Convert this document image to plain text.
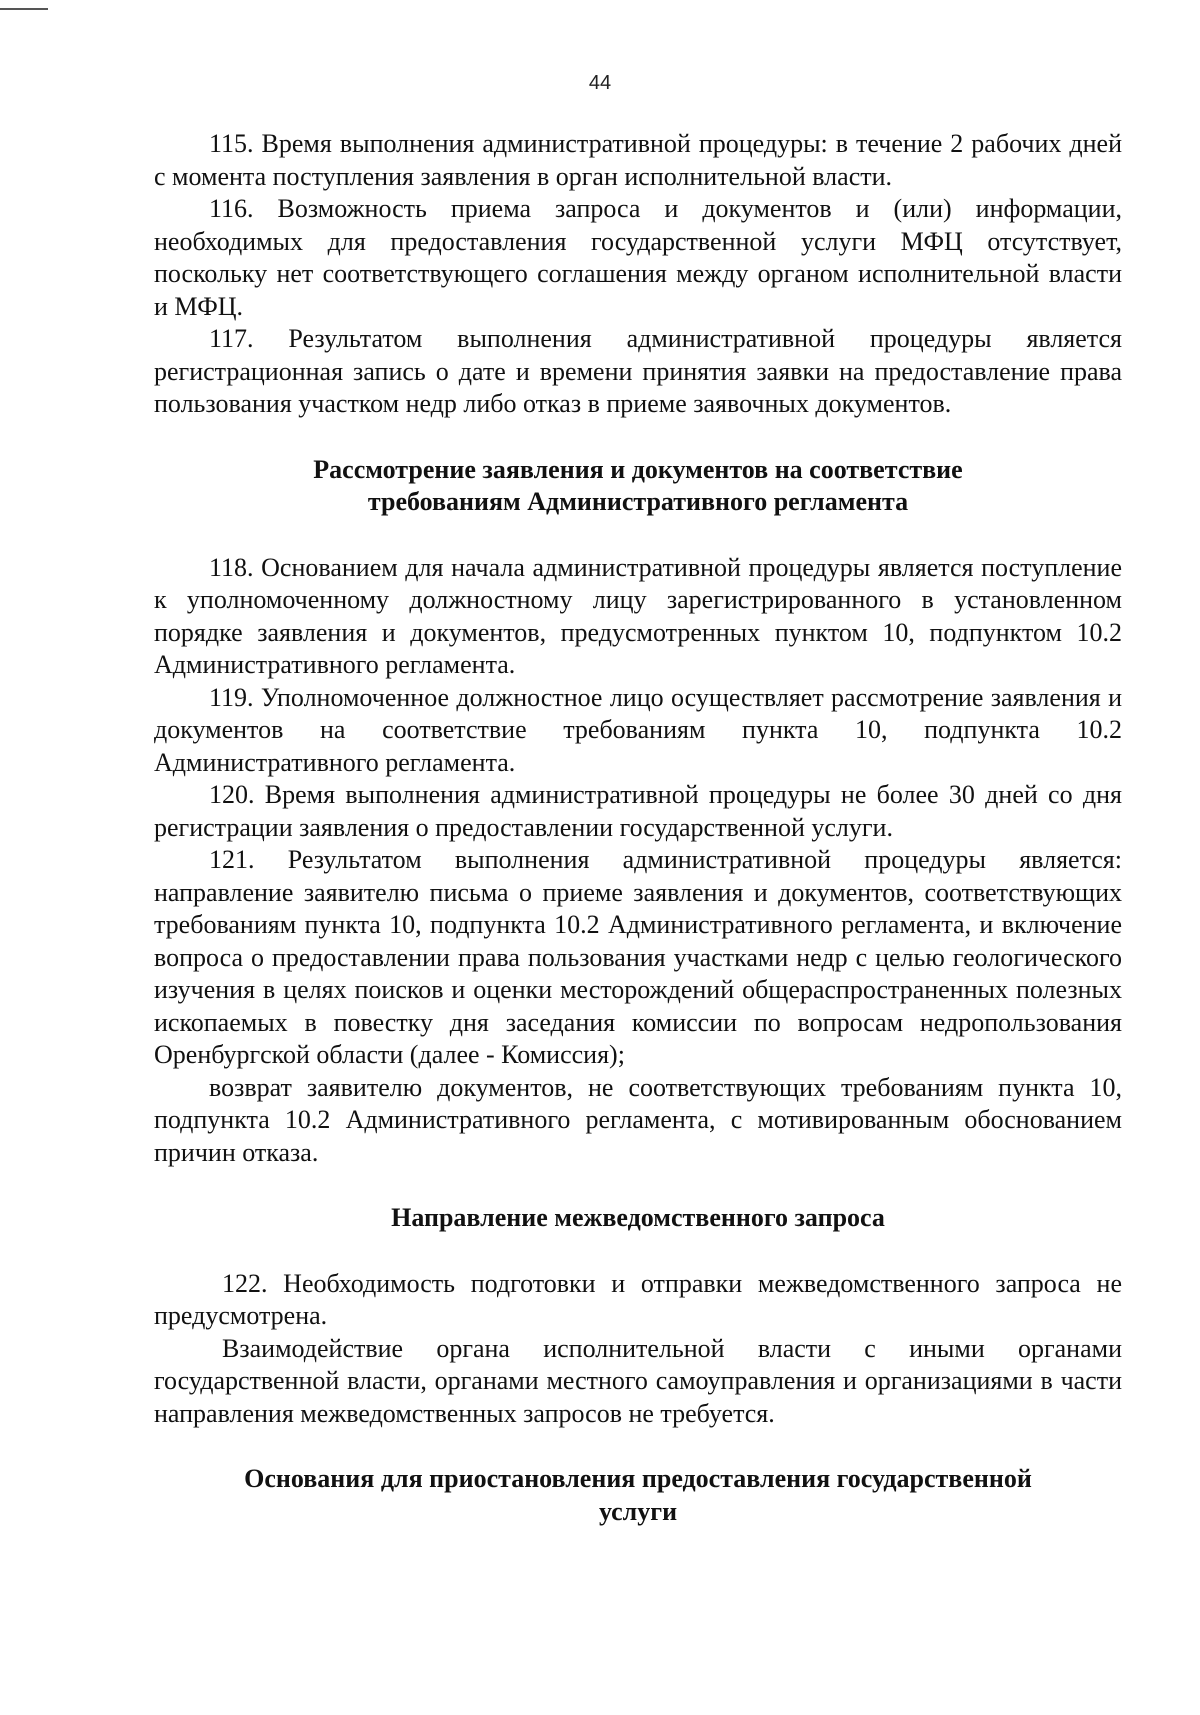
44

115. Время выполнения административной процедуры: в течение 2 рабочих дней с момента поступления заявления в орган исполнительной власти.

116. Возможность приема запроса и документов и (или) информации, необходимых для предоставления государственной услуги МФЦ отсутствует, поскольку нет соответствующего соглашения между органом исполнительной власти и МФЦ.

117. Результатом выполнения административной процедуры является регистрационная запись о дате и времени принятия заявки на предоставление права пользования участком недр либо отказ в приеме заявочных документов.

Рассмотрение заявления и документов на соответствие
требованиям Административного регламента

118. Основанием для начала административной процедуры является поступление к уполномоченному должностному лицу зарегистрированного в установленном порядке заявления и документов, предусмотренных пунктом 10, подпунктом 10.2 Административного регламента.

119. Уполномоченное должностное лицо осуществляет рассмотрение заявления и документов на соответствие требованиям пункта 10, подпункта 10.2 Административного регламента.

120. Время выполнения административной процедуры не более 30 дней со дня регистрации заявления о предоставлении государственной услуги.

121. Результатом выполнения административной процедуры является: направление заявителю письма о приеме заявления и документов, соответствующих требованиям пункта 10, подпункта 10.2 Административного регламента, и включение вопроса о предоставлении права пользования участками недр с целью геологического изучения в целях поисков и оценки месторождений общераспространенных полезных ископаемых в повестку дня заседания комиссии по вопросам недропользования Оренбургской области (далее - Комиссия);

возврат заявителю документов, не соответствующих требованиям пункта 10, подпункта 10.2 Административного регламента, с мотивированным обоснованием причин отказа.

Направление межведомственного запроса

122. Необходимость подготовки и отправки межведомственного запроса не предусмотрена.

Взаимодействие органа исполнительной власти с иными органами государственной власти, органами местного самоуправления и организациями в части направления межведомственных запросов не требуется.

Основания для приостановления предоставления государственной
услуги
